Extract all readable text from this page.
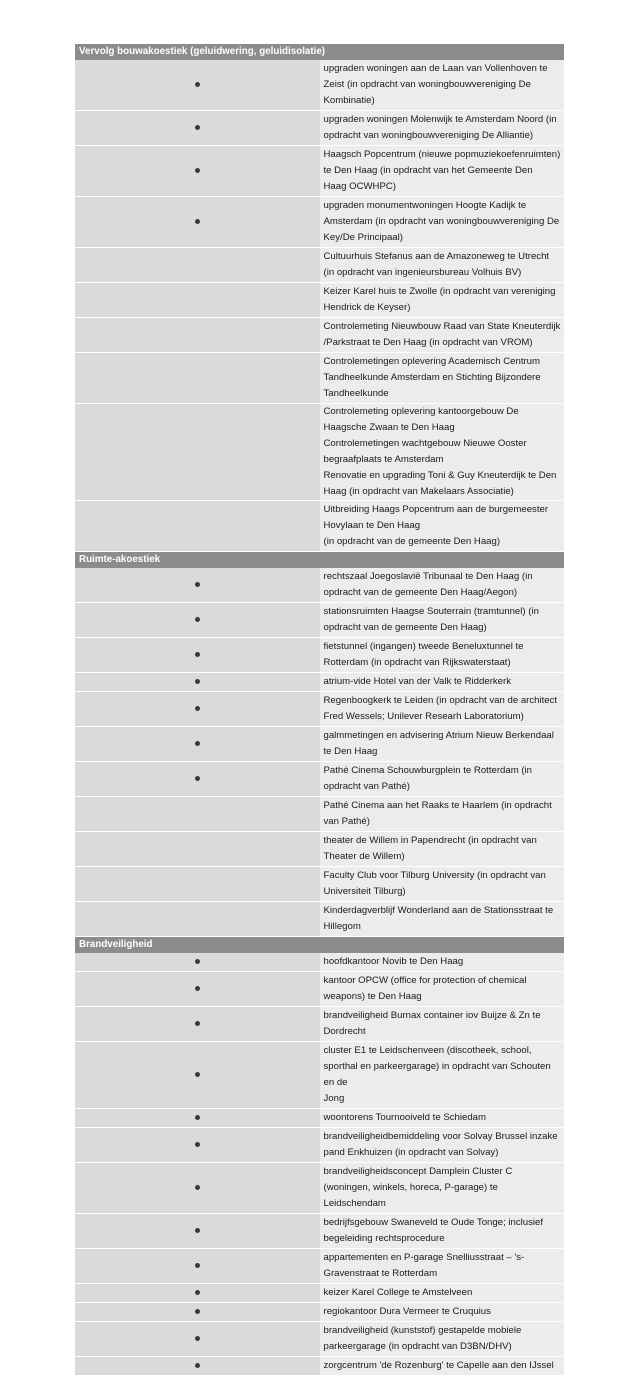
Vervolg bouwakoestiek (geluidwering, geluidisolatie)	

	upgraden woningen aan de Laan van Vollenhoven te Zeist (in opdracht van woningbouwvereniging De
Kombinatie)

	upgraden woningen Molenwijk te Amsterdam Noord (in opdracht van woningbouwvereniging De Alliantie)

	Haagsch Popcentrum (nieuwe popmuziekoefenruimten) te Den Haag (in opdracht van het Gemeente Den
Haag OCWHPC)

	upgraden monumentwoningen Hoogte Kadijk te Amsterdam (in opdracht van woningbouwvereniging De
Key/De Principaal)

	Cultuurhuis Stefanus aan de Amazoneweg te Utrecht (in opdracht van ingenieursbureau Volhuis BV)

	Keizer Karel huis te Zwolle (in opdracht van vereniging Hendrick de Keyser)

	Controlemeting Nieuwbouw Raad van State Kneuterdijk /Parkstraat te Den Haag (in opdracht van VROM)

	Controlemetingen oplevering Academisch Centrum Tandheelkunde Amsterdam en Stichting Bijzondere
Tandheelkunde

	Controlemeting oplevering kantoorgebouw De Haagsche Zwaan te Den Haag
Controlemetingen wachtgebouw Nieuwe Ooster begraafplaats te Amsterdam
Renovatie en upgrading Toni & Guy Kneuterdijk te Den Haag (in opdracht van Makelaars Associatie)

	Uitbreiding Haags Popcentrum aan de burgemeester Hovylaan te Den Haag
(in opdracht van de gemeente Den Haag)

Ruimte-akoestiek	

	rechtszaal Joegoslavië Tribunaal te Den Haag (in opdracht van de gemeente Den Haag/Aegon)

	stationsruimten Haagse Souterrain (tramtunnel) (in opdracht van de gemeente Den Haag)

	fietstunnel (ingangen) tweede Beneluxtunnel te Rotterdam (in opdracht van Rijkswaterstaat)

	atrium-vide Hotel van der Valk te Ridderkerk

	Regenboogkerk te Leiden (in opdracht van de architect Fred Wessels; Unilever Researh Laboratorium)

	galmmetingen en advisering Atrium Nieuw Berkendaal te Den Haag

	Pathé Cinema Schouwburgplein te Rotterdam (in opdracht van Pathé)

	Pathé Cinema aan het Raaks te Haarlem (in opdracht van Pathé)

	theater de Willem in Papendrecht (in opdracht van Theater de Willem)

	Faculty Club voor Tilburg University (in opdracht van Universiteit Tilburg)

	Kinderdagverblijf Wonderland aan de Stationsstraat te Hillegom

Brandveiligheid	

	hoofdkantoor Novib te Den Haag

	kantoor OPCW (office for protection of chemical weapons) te Den Haag

	brandveiligheid Burnax container iov Buijze & Zn te Dordrecht

	cluster E1 te Leidschenveen (discotheek, school, sporthal en parkeergarage) in opdracht van Schouten en de
Jong

	woontorens Tournooiveld te Schiedam

	brandveiligheidbemiddeling voor Solvay Brussel inzake pand Enkhuizen (in opdracht van Solvay)

	brandveiligheidsconcept Damplein Cluster C (woningen, winkels, horeca, P-garage) te Leidschendam

	bedrijfsgebouw Swaneveld te Oude Tonge; inclusief begeleiding rechtsprocedure

	appartementen en P-garage Snelliusstraat – 's-Gravenstraat te Rotterdam

	keizer Karel College te Amstelveen

	regiokantoor Dura Vermeer te Cruquius

	brandveiligheid (kunststof) gestapelde mobiele parkeergarage (in opdracht van D3BN/DHV)

	zorgcentrum 'de Rozenburg' te Capelle aan den IJssel
